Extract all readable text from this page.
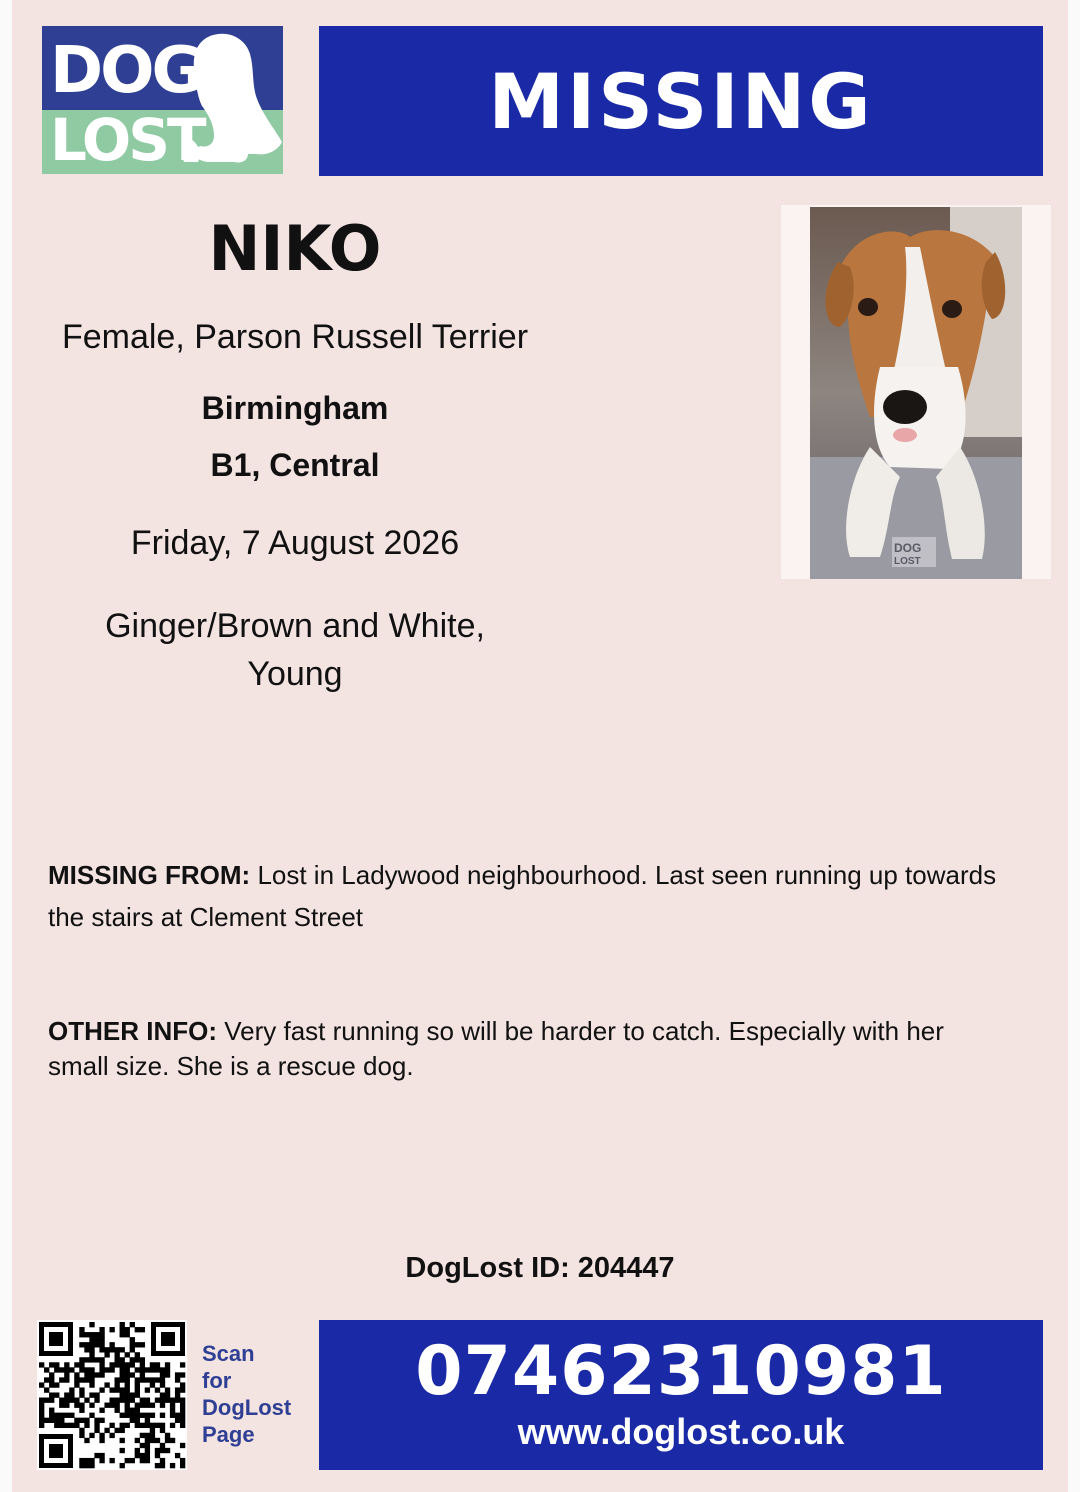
DOG
LOST	MISSING
NIKO
Female, Parson Russell Terrier
Birmingham
B1, Central
Friday, 7 August 2026
Ginger/Brown and White,
Young
DOG
LOST
MISSING FROM: Lost in Ladywood neighbourhood. Last seen running up towards the stairs at Clement Street
OTHER INFO: Very fast running so will be harder to catch. Especially with her small size. She is a rescue dog.
DogLost ID: 204447
Scan
for
DogLost
Page
07462310981
www.doglost.co.uk
